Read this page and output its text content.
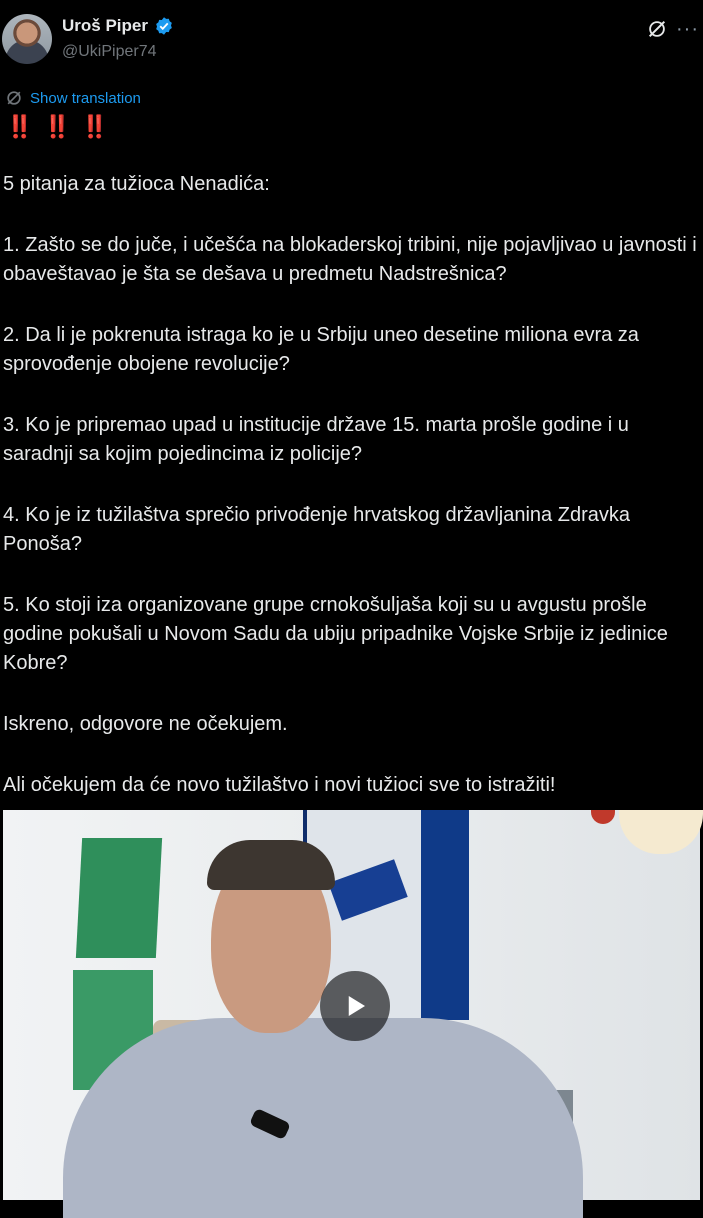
Uroš Piper
@UkiPiper74
···
Show translation
‼️ ‼️ ‼️

5 pitanja za tužioca Nenadića:

1. Zašto se do juče, i učešća na blokaderskoj tribini, nije pojavljivao u javnosti i obaveštavao je šta se dešava u predmetu Nadstrešnica?

2. Da li je pokrenuta istraga ko je u Srbiju uneo desetine miliona evra za sprovođenje obojene revolucije?

3. Ko je pripremao upad u institucije države 15. marta prošle godine i u saradnji sa kojim pojedincima iz policije?

4. Ko je iz tužilaštva sprečio privođenje hrvatskog državljanina Zdravka Ponoša?

5. Ko stoji iza organizovane grupe crnokošuljaša koji su u avgustu prošle godine pokušali u Novom Sadu da ubiju pripadnike Vojske Srbije iz jedinice Kobre?

Iskreno, odgovore ne očekujem.

Ali očekujem da će novo tužilaštvo i novi tužioci sve to istražiti!
